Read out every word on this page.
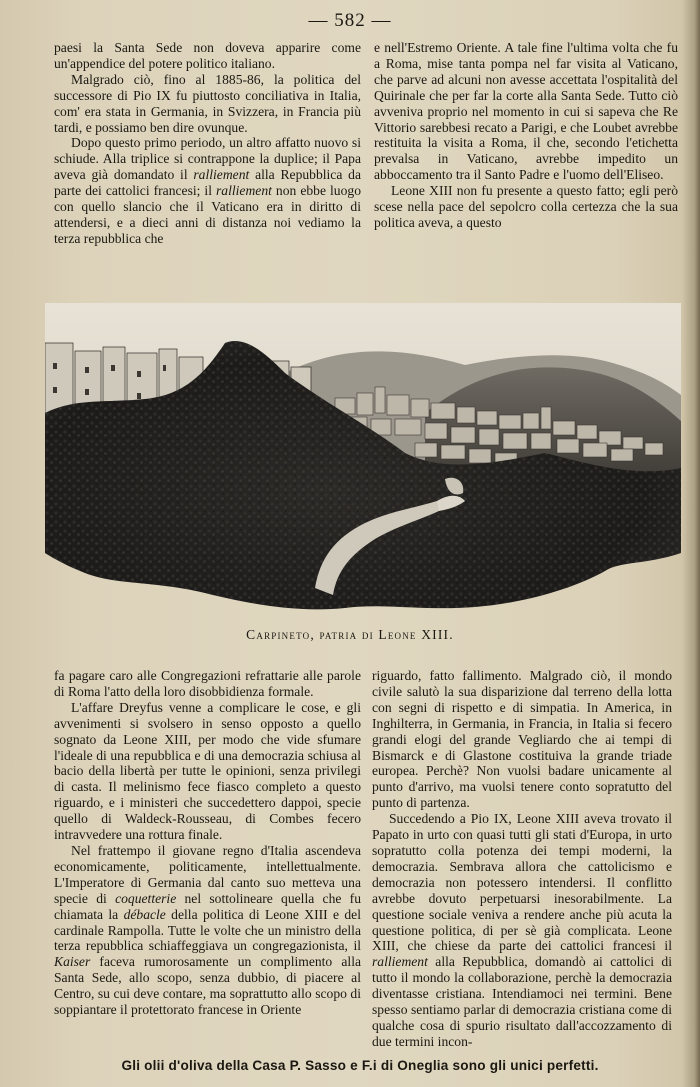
— 582 —

paesi la Santa Sede non doveva apparire come un'appendice del potere politico italiano.

Malgrado ciò, fino al 1885-86, la politica del successore di Pio IX fu piuttosto conciliativa in Italia, com' era stata in Germania, in Svizzera, in Francia più tardi, e possiamo ben dire ovunque.

Dopo questo primo periodo, un altro affatto nuovo si schiude. Alla triplice si contrappone la duplice; il Papa aveva già domandato il ralliement alla Repubblica da parte dei cattolici francesi; il ralliement non ebbe luogo con quello slancio che il Vaticano era in diritto di attendersi, e a dieci anni di distanza noi vediamo la terza repubblica che

e nell'Estremo Oriente. A tale fine l'ultima volta che fu a Roma, mise tanta pompa nel far visita al Vaticano, che parve ad alcuni non avesse accettata l'ospitalità del Quirinale che per far la corte alla Santa Sede. Tutto ciò avveniva proprio nel momento in cui si sapeva che Re Vittorio sarebbesi recato a Parigi, e che Loubet avrebbe restituita la visita a Roma, il che, secondo l'etichetta prevalsa in Vaticano, avrebbe impedito un abboccamento tra il Santo Padre e l'uomo dell'Eliseo.

Leone XIII non fu presente a questo fatto; egli però scese nella pace del sepolcro colla certezza che la sua politica aveva, a questo

Carpineto, patria di Leone XIII.

fa pagare caro alle Congregazioni refrattarie alle parole di Roma l'atto della loro disobbidienza formale.

L'affare Dreyfus venne a complicare le cose, e gli avvenimenti si svolsero in senso opposto a quello sognato da Leone XIII, per modo che vide sfumare l'ideale di una repubblica e di una democrazia schiusa al bacio della libertà per tutte le opinioni, senza privilegi di casta. Il melinismo fece fiasco completo a questo riguardo, e i ministeri che succedettero dappoi, specie quello di Waldeck-Rousseau, di Combes fecero intravvedere una rottura finale.

Nel frattempo il giovane regno d'Italia ascendeva economicamente, politicamente, intellettualmente. L'Imperatore di Germania dal canto suo metteva una specie di coquetterie nel sottolineare quella che fu chiamata la débacle della politica di Leone XIII e del cardinale Rampolla. Tutte le volte che un ministro della terza repubblica schiaffeggiava un congregazionista, il Kaiser faceva rumorosamente un complimento alla Santa Sede, allo scopo, senza dubbio, di piacere al Centro, su cui deve contare, ma soprattutto allo scopo di soppiantare il protettorato francese in Oriente

riguardo, fatto fallimento. Malgrado ciò, il mondo civile salutò la sua disparizione dal terreno della lotta con segni di rispetto e di simpatia. In America, in Inghilterra, in Germania, in Francia, in Italia si fecero grandi elogi del grande Vegliardo che ai tempi di Bismarck e di Glastone costituiva la grande triade europea. Perchè? Non vuolsi badare unicamente al punto d'arrivo, ma vuolsi tenere conto sopratutto del punto di partenza.

Succedendo a Pio IX, Leone XIII aveva trovato il Papato in urto con quasi tutti gli stati d'Europa, in urto sopratutto colla potenza dei tempi moderni, la democrazia. Sembrava allora che cattolicismo e democrazia non potessero intendersi. Il conflitto avrebbe dovuto perpetuarsi inesorabilmente. La questione sociale veniva a rendere anche più acuta la questione politica, di per sè già complicata. Leone XIII, che chiese da parte dei cattolici francesi il ralliement alla Repubblica, domandò ai cattolici di tutto il mondo la collaborazione, perchè la democrazia diventasse cristiana. Intendiamoci nei termini. Bene spesso sentiamo parlar di democrazia cristiana come di qualche cosa di spurio risultato dall'accozzamento di due termini incon-

Gli olii d'oliva della Casa P. Sasso e F.i di Oneglia sono gli unici perfetti.
